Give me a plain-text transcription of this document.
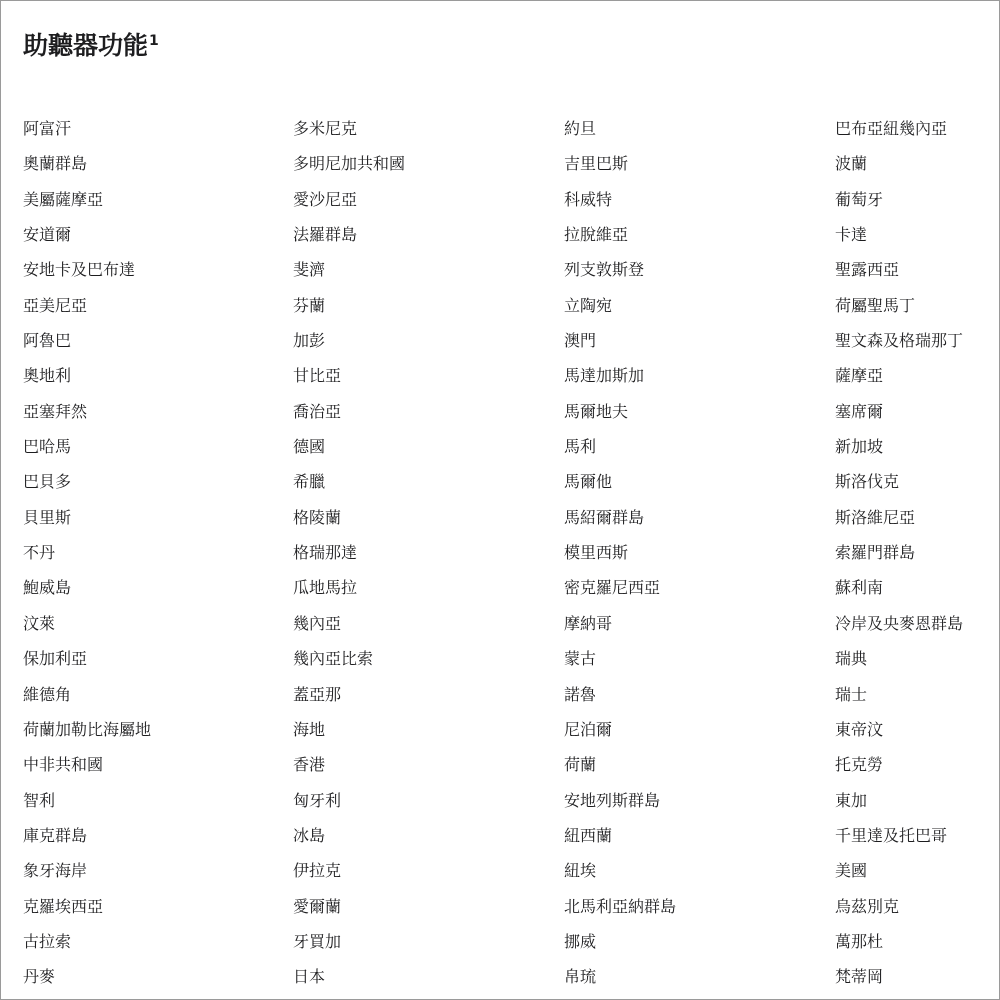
助聽器功能$^1$
阿富汗
奧蘭群島
美屬薩摩亞
安道爾
安地卡及巴布達
亞美尼亞
阿魯巴
奧地利
亞塞拜然
巴哈馬
巴貝多
貝里斯
不丹
鮑威島
汶萊
保加利亞
維德角
荷蘭加勒比海屬地
中非共和國
智利
庫克群島
象牙海岸
克羅埃西亞
古拉索
丹麥
多米尼克
多明尼加共和國
愛沙尼亞
法羅群島
斐濟
芬蘭
加彭
甘比亞
喬治亞
德國
希臘
格陵蘭
格瑞那達
瓜地馬拉
幾內亞
幾內亞比索
蓋亞那
海地
香港
匈牙利
冰島
伊拉克
愛爾蘭
牙買加
日本
約旦
吉里巴斯
科威特
拉脫維亞
列支敦斯登
立陶宛
澳門
馬達加斯加
馬爾地夫
馬利
馬爾他
馬紹爾群島
模里西斯
密克羅尼西亞
摩納哥
蒙古
諾魯
尼泊爾
荷蘭
安地列斯群島
紐西蘭
紐埃
北馬利亞納群島
挪威
帛琉
巴布亞紐幾內亞
波蘭
葡萄牙
卡達
聖露西亞
荷屬聖馬丁
聖文森及格瑞那丁
薩摩亞
塞席爾
新加坡
斯洛伐克
斯洛維尼亞
索羅門群島
蘇利南
冷岸及央麥恩群島
瑞典
瑞士
東帝汶
托克勞
東加
千里達及托巴哥
美國
烏茲別克
萬那杜
梵蒂岡
